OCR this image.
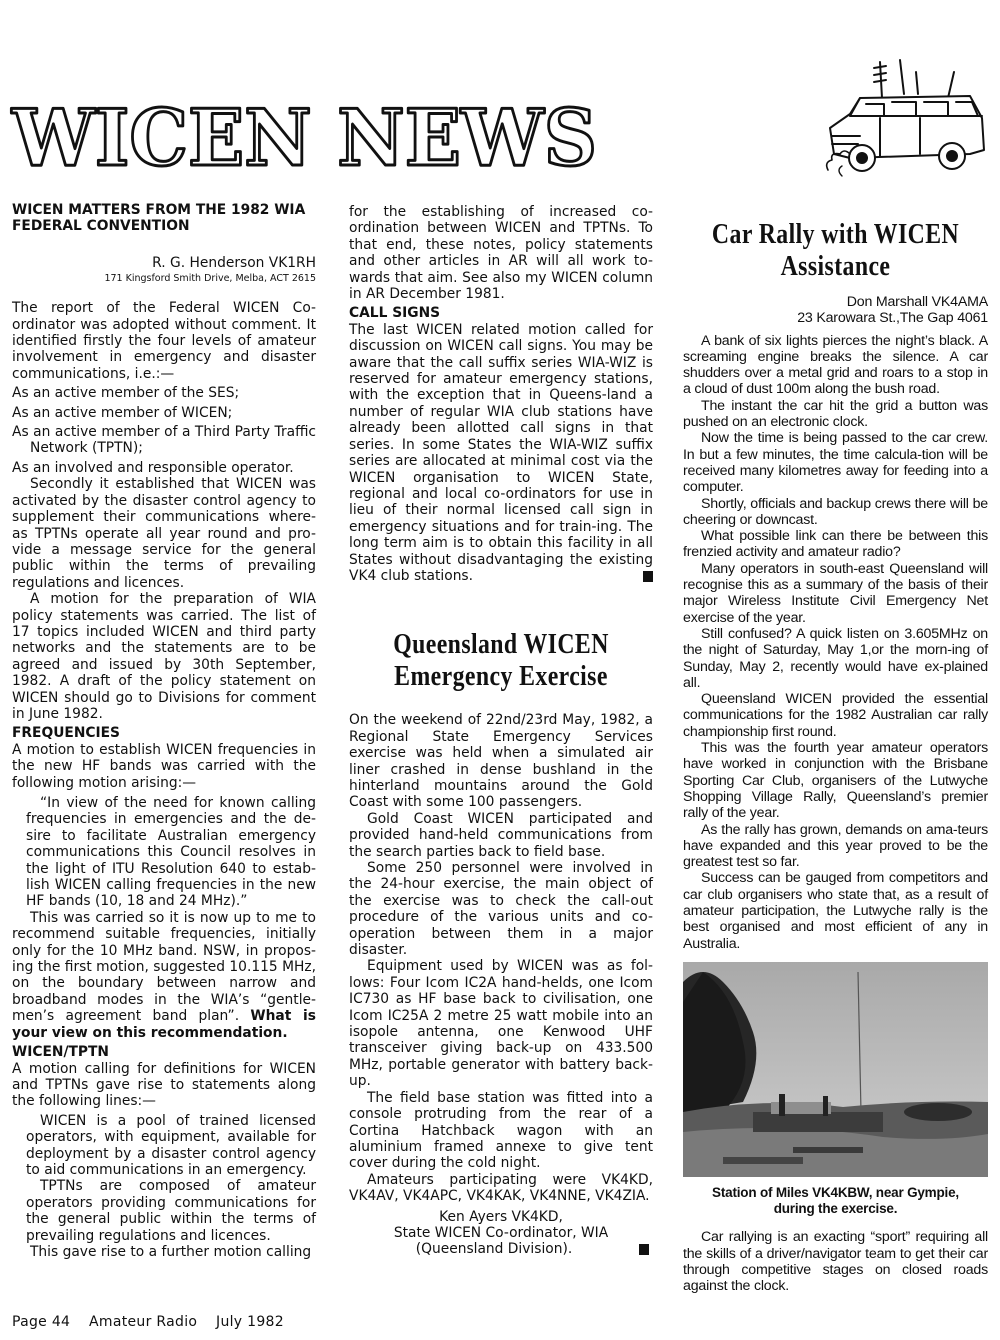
WICEN NEWS

WICEN MATTERS FROM THE 1982 WIA FEDERAL CONVENTION

R. G. Henderson VK1RH

171 Kingsford Smith Drive, Melba, ACT 2615

The report of the Federal WICEN Co-ordinator was adopted without comment. It identified firstly the four levels of amateur involvement in emergency and disaster communications, i.e.:—

As an active member of the SES;

As an active member of WICEN;

As an active member of a Third Party Traffic Network (TPTN);

As an involved and responsible operator.

Secondly it established that WICEN was activated by the disaster control agency to supplement their communications where-as TPTNs operate all year round and pro-vide a message service for the general public within the terms of prevailing regulations and licences.

A motion for the preparation of WIA policy statements was carried. The list of 17 topics included WICEN and third party networks and the statements are to be agreed and issued by 30th September, 1982. A draft of the policy statement on WICEN should go to Divisions for comment in June 1982.

FREQUENCIES

A motion to establish WICEN frequencies in the new HF bands was carried with the following motion arising:—

“In view of the need for known calling frequencies in emergencies and the de-sire to facilitate Australian emergency communications this Council resolves in the light of ITU Resolution 640 to estab-lish WICEN calling frequencies in the new HF bands (10, 18 and 24 MHz).”

This was carried so it is now up to me to recommend suitable frequencies, initially only for the 10 MHz band. NSW, in propos-ing the first motion, suggested 10.115 MHz, on the boundary between narrow and broadband modes in the WIA’s “gentle-men’s agreement band plan”. What is your view on this recommendation.

WICEN/TPTN

A motion calling for definitions for WICEN and TPTNs gave rise to statements along the following lines:—

WICEN is a pool of trained licensed operators, with equipment, available for deployment by a disaster control agency to aid communications in an emergency.

TPTNs are composed of amateur operators providing communications for the general public within the terms of prevailing regulations and licences.

This gave rise to a further motion calling

for the establishing of increased co-ordination between WICEN and TPTNs. To that end, these notes, policy statements and other articles in AR will all work to-wards that aim. See also my WICEN column in AR December 1981.

CALL SIGNS

The last WICEN related motion called for discussion on WICEN call signs. You may be aware that the call suffix series WIA-WIZ is reserved for amateur emergency stations, with the exception that in Queens-land a number of regular WIA club stations have already been allotted call signs in that series. In some States the WIA-WIZ suffix series are allocated at minimal cost via the WICEN organisation to WICEN State, regional and local co-ordinators for use in lieu of their normal licensed call sign in emergency situations and for train-ing. The long term aim is to obtain this facility in all States without disadvantaging the existing VK4 club stations.

Queensland WICEN
Emergency Exercise

On the weekend of 22nd/23rd May, 1982, a Regional State Emergency Services exercise was held when a simulated air liner crashed in dense bushland in the hinterland mountains around the Gold Coast with some 100 passengers.

Gold Coast WICEN participated and provided hand-held communications from the search parties back to field base.

Some 250 personnel were involved in the 24-hour exercise, the main object of the exercise was to check the call-out procedure of the various units and co-operation between them in a major disaster.

Equipment used by WICEN was as fol-lows: Four Icom IC2A hand-helds, one Icom IC730 as HF base back to civilisation, one Icom IC25A 2 metre 25 watt mobile into an isopole antenna, one Kenwood UHF transceiver giving back-up on 433.500 MHz, portable generator with battery back-up.

The field base station was fitted into a console protruding from the rear of a Cortina Hatchback wagon with an aluminium framed annexe to give tent cover during the cold night.

Amateurs participating were VK4KD, VK4AV, VK4APC, VK4KAK, VK4NNE, VK4ZIA.

Ken Ayers VK4KD,
State WICEN Co-ordinator, WIA
(Queensland Division).
Car Rally with WICEN
Assistance

Don Marshall VK4AMA

23 Karowara St.,The Gap 4061

A bank of six lights pierces the night’s black. A screaming engine breaks the silence. A car shudders over a metal grid and roars to a stop in a cloud of dust 100m along the bush road.

The instant the car hit the grid a button was pushed on an electronic clock.

Now the time is being passed to the car crew. In but a few minutes, the time calcula-tion will be received many kilometres away for feeding into a computer.

Shortly, officials and backup crews there will be cheering or downcast.

What possible link can there be between this frenzied activity and amateur radio?

Many operators in south-east Queensland will recognise this as a summary of the basis of their major Wireless Institute Civil Emergency Net exercise of the year.

Still confused? A quick listen on 3.605MHz on the night of Saturday, May 1,or the morn-ing of Sunday, May 2, recently would have ex-plained all.

Queensland WICEN provided the essential communications for the 1982 Australian car rally championship first round.

This was the fourth year amateur operators have worked in conjunction with the Brisbane Sporting Car Club, organisers of the Lutwyche Shopping Village Rally, Queensland’s premier rally of the year.

As the rally has grown, demands on ama-teurs have expanded and this year proved to be the greatest test so far.

Success can be gauged from competitors and car club organisers who state that, as a result of amateur participation, the Lutwyche rally is the best organised and most efficient of any in Australia.

Station of Miles VK4KBW, near Gympie,
during the exercise.

Car rallying is an exacting “sport” requiring all the skills of a driver/navigator team to get their car through competitive stages on closed roads against the clock.

Page 44 Amateur Radio July 1982
